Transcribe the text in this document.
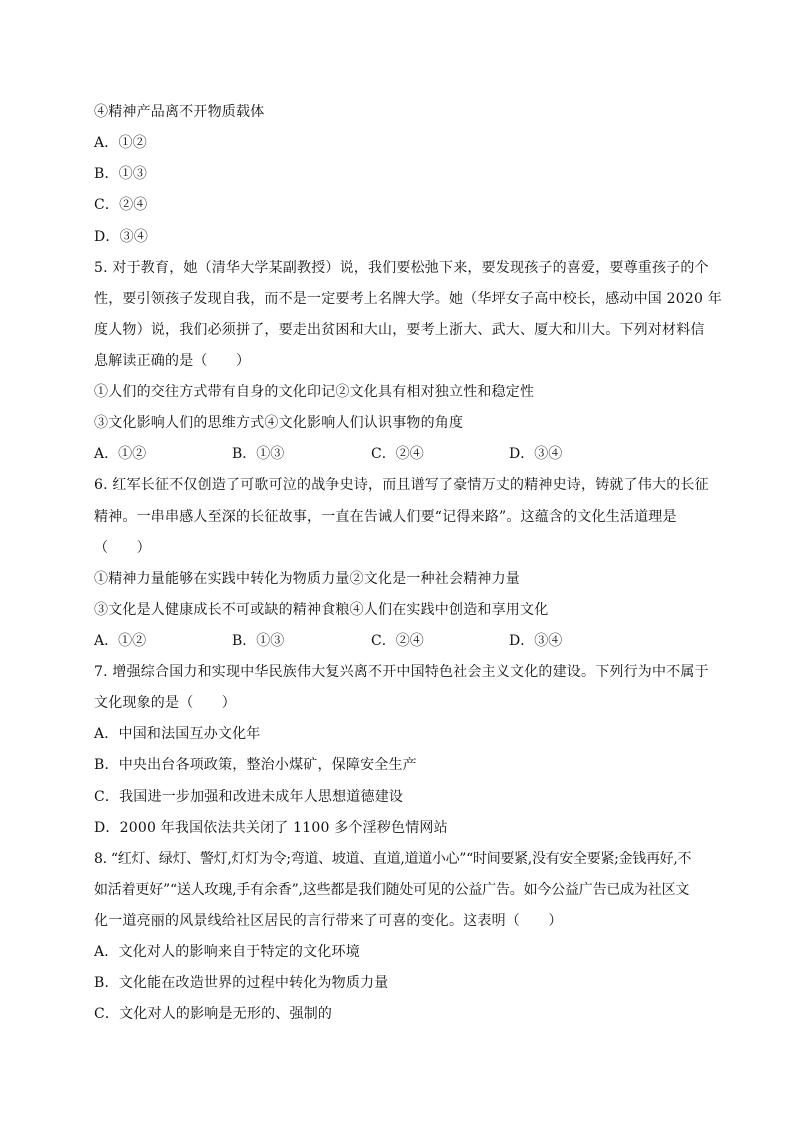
④精神产品离不开物质载体
A．①②
B．①③
C．②④
D．③④
5. 对于教育，她（清华大学某副教授）说，我们要松弛下来，要发现孩子的喜爱，要尊重孩子的个
性，要引领孩子发现自我，而不是一定要考上名牌大学。她（华坪女子高中校长，感动中国 2020 年
度人物）说，我们必须拼了，要走出贫困和大山，要考上浙大、武大、厦大和川大。下列对材料信
息解读正确的是（　　）
①人们的交往方式带有自身的文化印记②文化具有相对独立性和稳定性
③文化影响人们的思维方式④文化影响人们认识事物的角度
A．①②	B．①③	C．②④	D．③④
6. 红军长征不仅创造了可歌可泣的战争史诗，而且谱写了豪情万丈的精神史诗，铸就了伟大的长征
精神。一串串感人至深的长征故事，一直在告诫人们要“记得来路”。这蕴含的文化生活道理是
（　　）
①精神力量能够在实践中转化为物质力量②文化是一种社会精神力量
③文化是人健康成长不可或缺的精神食粮④人们在实践中创造和享用文化
A．①②	B．①③	C．②④	D．③④
7. 增强综合国力和实现中华民族伟大复兴离不开中国特色社会主义文化的建设。下列行为中不属于
文化现象的是（　　）
A．中国和法国互办文化年
B．中央出台各项政策，整治小煤矿，保障安全生产
C．我国进一步加强和改进未成年人思想道德建设
D．2000 年我国依法共关闭了 1100 多个淫秽色情网站
8. “红灯、绿灯、警灯,灯灯为令;弯道、坡道、直道,道道小心”“时间要紧,没有安全要紧;金钱再好,不
如活着更好”“送人玫瑰,手有余香”,这些都是我们随处可见的公益广告。如今公益广告已成为社区文
化一道亮丽的风景线给社区居民的言行带来了可喜的变化。这表明（　　）
A．文化对人的影响来自于特定的文化环境
B．文化能在改造世界的过程中转化为物质力量
C．文化对人的影响是无形的、强制的
